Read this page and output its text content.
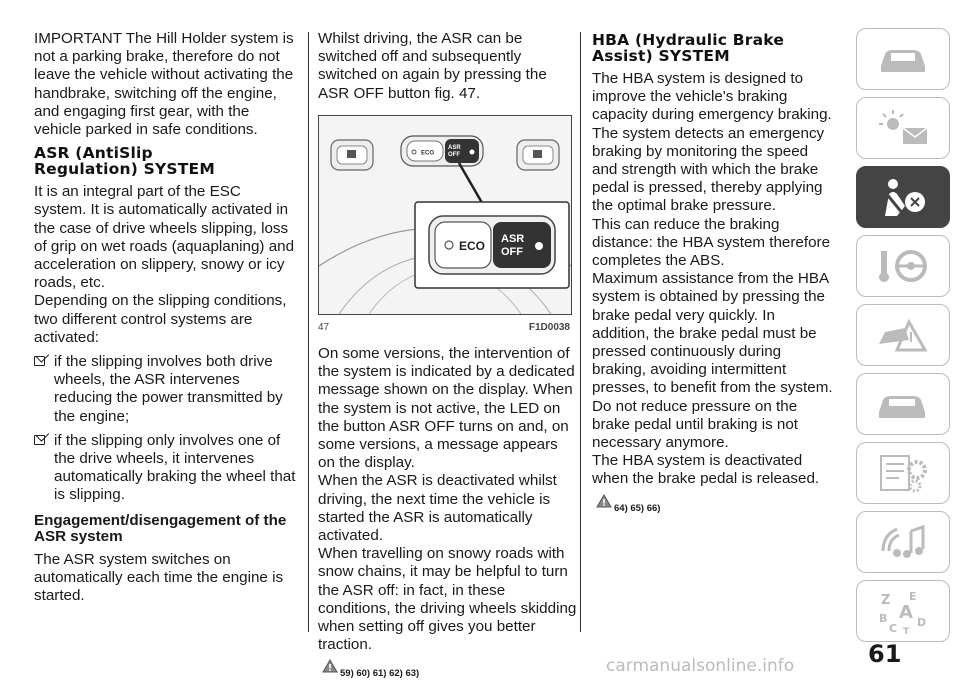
IMPORTANT The Hill Holder system is not a parking brake, therefore do not leave the vehicle without activating the handbrake, switching off the engine, and engaging first gear, with the vehicle parked in safe conditions.

ASR (AntiSlip
Regulation) SYSTEM

It is an integral part of the ESC system. It is automatically activated in the case of drive wheels slipping, loss of grip on wet roads (aquaplaning) and acceleration on slippery, snowy or icy roads, etc.

Depending on the slipping conditions, two different control systems are activated:

if the slipping involves both drive wheels, the ASR intervenes reducing the power transmitted by the engine;

if the slipping only involves one of the drive wheels, it intervenes automatically braking the wheel that is slipping.

Engagement/disengagement of the
ASR system

The ASR system switches on automatically each time the engine is started.

Whilst driving, the ASR can be switched off and subsequently switched on again by pressing the ASR OFF button fig. 47.

ECO
ASR
OFF
ECO ASR
OFF
47	F1D0038

On some versions, the intervention of the system is indicated by a dedicated message shown on the display. When the system is not active, the LED on the button ASR OFF turns on and, on some versions, a message appears on the display.

When the ASR is deactivated whilst driving, the next time the vehicle is started the ASR is automatically activated.

When travelling on snowy roads with snow chains, it may be helpful to turn the ASR off: in fact, in these conditions, the driving wheels skidding when setting off gives you better traction.

59) 60) 61) 62) 63)
HBA (Hydraulic Brake
Assist) SYSTEM

The HBA system is designed to improve the vehicle's braking capacity during emergency braking. The system detects an emergency braking by monitoring the speed and strength with which the brake pedal is pressed, thereby applying the optimal brake pressure.

This can reduce the braking distance: the HBA system therefore completes the ABS.

Maximum assistance from the HBA system is obtained by pressing the brake pedal very quickly. In addition, the brake pedal must be pressed continuously during braking, avoiding intermittent presses, to benefit from the system.

Do not reduce pressure on the brake pedal until braking is not necessary anymore.

The HBA system is deactivated when the brake pedal is released.

64) 65) 66)
Z E
A
B
C D
T
61
carmanualsonline.info
